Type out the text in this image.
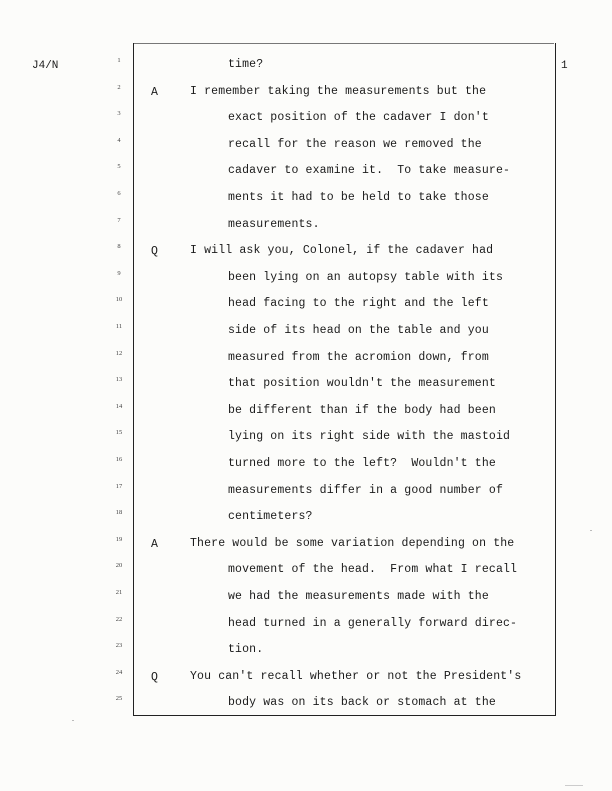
J4/N	1
1	time?
2	A	I remember taking the measurements but the
3	exact position of the cadaver I don't
4	recall for the reason we removed the
5	cadaver to examine it.  To take measure-
6	ments it had to be held to take those
7	measurements.
8	Q	I will ask you, Colonel, if the cadaver had
9	been lying on an autopsy table with its
10	head facing to the right and the left
11	side of its head on the table and you
12	measured from the acromion down, from
13	that position wouldn't the measurement
14	be different than if the body had been
15	lying on its right side with the mastoid
16	turned more to the left?  Wouldn't the
17	measurements differ in a good number of
18	centimeters?
19	A	There would be some variation depending on the
20	movement of the head.  From what I recall
21	we had the measurements made with the
22	head turned in a generally forward direc-
23	tion.
24	Q	You can't recall whether or not the President's
25	body was on its back or stomach at the
